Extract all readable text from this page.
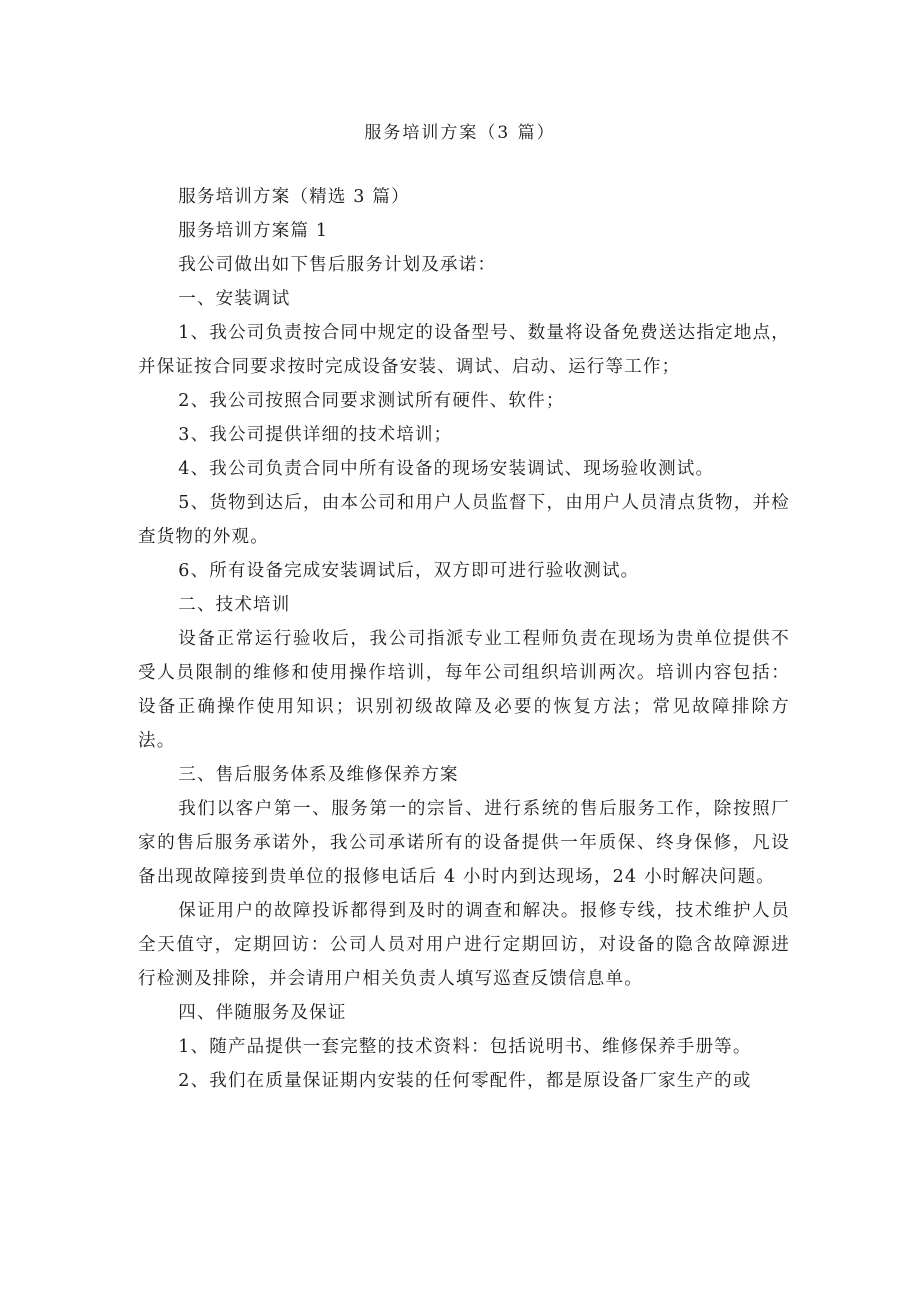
服务培训方案（3 篇）

服务培训方案（精选 3 篇）

服务培训方案篇 1

我公司做出如下售后服务计划及承诺：

一、安装调试

1、我公司负责按合同中规定的设备型号、数量将设备免费送达指定地点，并保证按合同要求按时完成设备安装、调试、启动、运行等工作；

2、我公司按照合同要求测试所有硬件、软件；

3、我公司提供详细的技术培训；

4、我公司负责合同中所有设备的现场安装调试、现场验收测试。

5、货物到达后，由本公司和用户人员监督下，由用户人员清点货物，并检查货物的外观。

6、所有设备完成安装调试后，双方即可进行验收测试。

二、技术培训

设备正常运行验收后，我公司指派专业工程师负责在现场为贵单位提供不受人员限制的维修和使用操作培训，每年公司组织培训两次。培训内容包括：设备正确操作使用知识；识别初级故障及必要的恢复方法；常见故障排除方法。

三、售后服务体系及维修保养方案

我们以客户第一、服务第一的宗旨、进行系统的售后服务工作，除按照厂家的售后服务承诺外，我公司承诺所有的设备提供一年质保、终身保修，凡设备出现故障接到贵单位的报修电话后 4 小时内到达现场，24 小时解决问题。

保证用户的故障投诉都得到及时的调查和解决。报修专线，技术维护人员全天值守，定期回访：公司人员对用户进行定期回访，对设备的隐含故障源进行检测及排除，并会请用户相关负责人填写巡查反馈信息单。

四、伴随服务及保证

1、随产品提供一套完整的技术资料：包括说明书、维修保养手册等。

2、我们在质量保证期内安装的任何零配件，都是原设备厂家生产的或
